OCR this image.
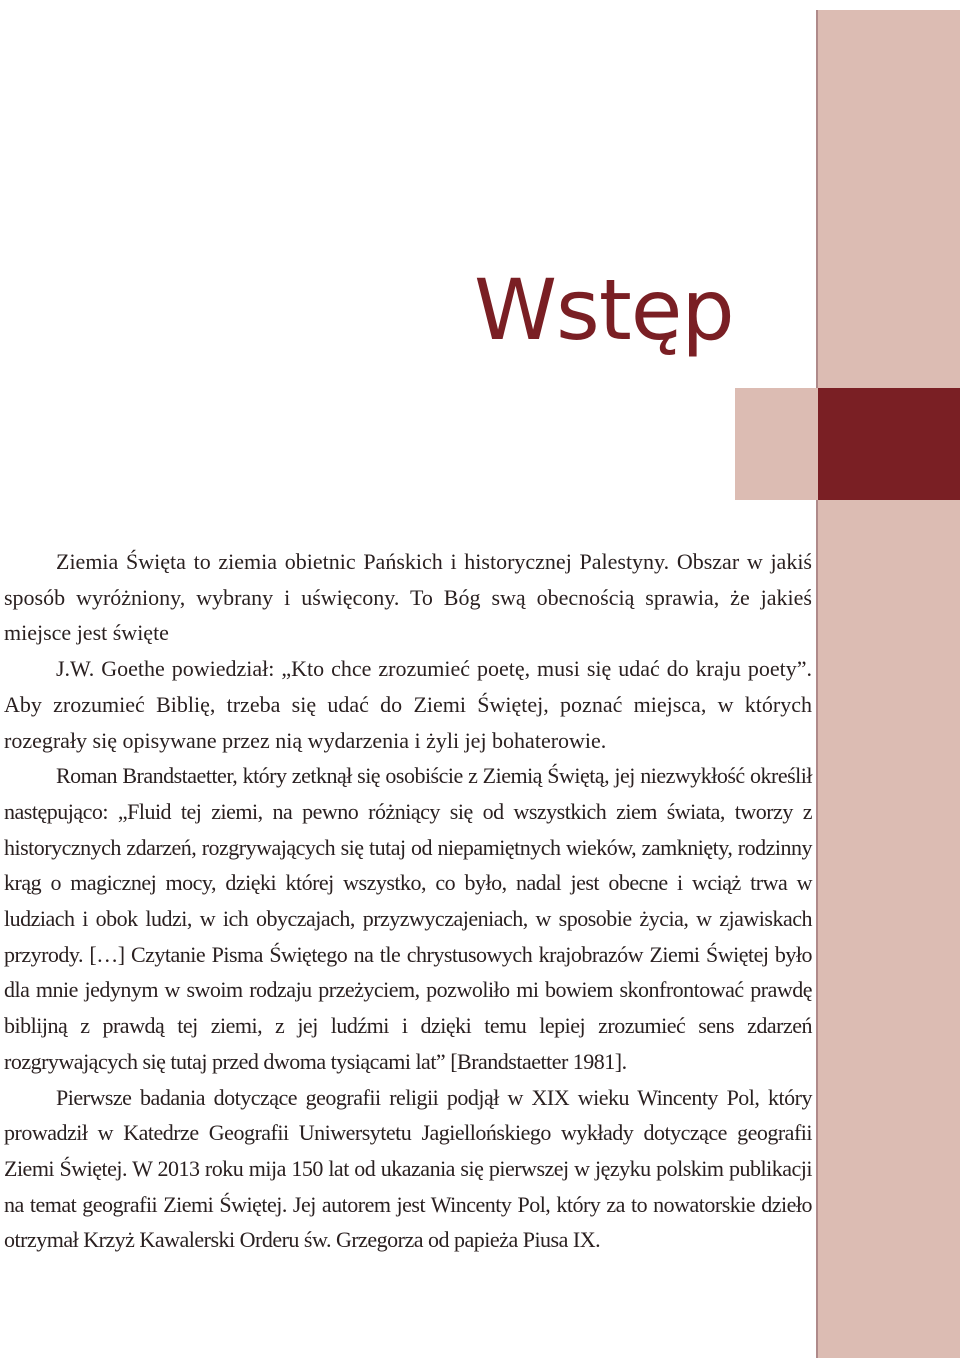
Wstęp

Ziemia Święta to ziemia obietnic Pańskich i historycznej Palestyny. Obszar w jakiś sposób wyróżniony, wybrany i uświęcony. To Bóg swą obecnością sprawia, że jakieś miejsce jest święte

J.W. Goethe powiedział: „Kto chce zrozumieć poetę, musi się udać do kraju poety”. Aby zrozumieć Biblię, trzeba się udać do Ziemi Świętej, poznać miejsca, w których rozegrały się opisywane przez nią wydarzenia i żyli jej bohaterowie.

Roman Brandstaetter, który zetknął się osobiście z Ziemią Świętą, jej niezwykłość określił następująco: „Fluid tej ziemi, na pewno różniący się od wszystkich ziem świata, tworzy z historycznych zdarzeń, rozgrywających się tutaj od niepamiętnych wieków, zamknięty, rodzinny krąg o magicznej mocy, dzięki której wszystko, co było, nadal jest obecne i wciąż trwa w ludziach i obok ludzi, w ich obyczajach, przyzwyczajeniach, w sposobie życia, w zjawiskach przyrody. […] Czytanie Pisma Świętego na tle chrystusowych krajobrazów Ziemi Świętej było dla mnie jedynym w swoim rodzaju przeżyciem, pozwoliło mi bowiem skonfrontować prawdę biblijną z prawdą tej ziemi, z jej ludźmi i dzięki temu lepiej zrozumieć sens zdarzeń rozgrywających się tutaj przed dwoma tysiącami lat” [Brandstaetter 1981].

Pierwsze badania dotyczące geografii religii podjął w XIX wieku Wincenty Pol, który prowadził w Katedrze Geografii Uniwersytetu Jagiellońskiego wykłady dotyczące geografii Ziemi Świętej. W 2013 roku mija 150 lat od ukazania się pierwszej w języku polskim publikacji na temat geografii Ziemi Świętej. Jej autorem jest Wincenty Pol, który za to nowatorskie dzieło otrzymał Krzyż Kawalerski Orderu św. Grzegorza od papieża Piusa IX.
